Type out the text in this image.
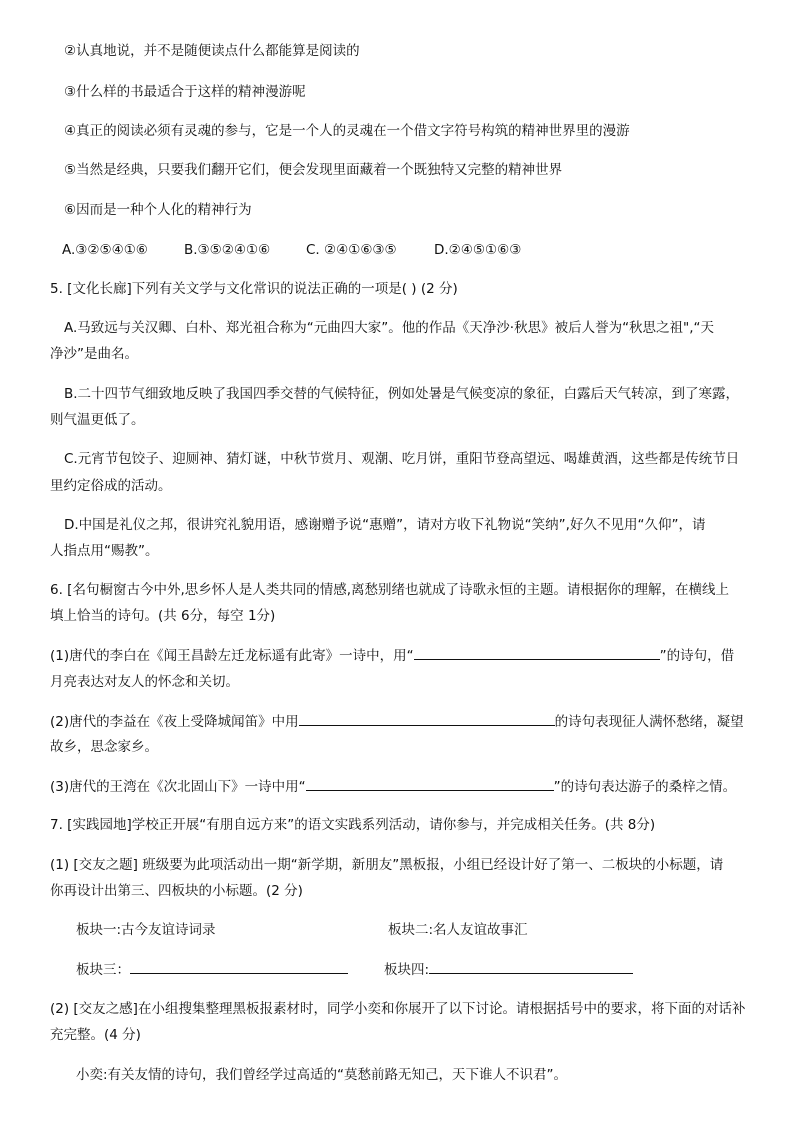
②认真地说，并不是随便读点什么都能算是阅读的
③什么样的书最适合于这样的精神漫游呢
④真正的阅读必须有灵魂的参与，它是一个人的灵魂在一个借文字符号构筑的精神世界里的漫游
⑤当然是经典，只要我们翻开它们，便会发现里面藏着一个既独特又完整的精神世界
⑥因而是一种个人化的精神行为
A.③②⑤④①⑥	B.③⑤②④①⑥	C. ②④①⑥③⑤	D.②④⑤①⑥③
5. [文化长廊]下列有关文学与文化常识的说法正确的一项是( ) (2 分)
A.马致远与关汉卿、白朴、郑光祖合称为“元曲四大家”。他的作品《天净沙·秋思》被后人誉为“秋思之祖",“天
净沙”是曲名。
B.二十四节气细致地反映了我国四季交替的气候特征，例如处暑是气候变凉的象征，白露后天气转凉，到了寒露，
则气温更低了。
C.元宵节包饺子、迎厕神、猜灯谜，中秋节赏月、观潮、吃月饼，重阳节登高望远、喝雄黄酒，这些都是传统节日
里约定俗成的活动。
D.中国是礼仪之邦，很讲究礼貌用语，感谢赠予说“惠赠”，请对方收下礼物说“笑纳”,好久不见用“久仰”，请
人指点用“赐教”。
6. [名句橱窗古今中外,思乡怀人是人类共同的情感,离愁别绪也就成了诗歌永恒的主题。请根据你的理解，在横线上
填上恰当的诗句。(共 6分，每空 1分)
(1)唐代的李白在《闻王昌龄左迁龙标遥有此寄》一诗中，用“	”的诗句，借
月亮表达对友人的怀念和关切。
(2)唐代的李益在《夜上受降城闻笛》中用	的诗句表现征人满怀愁绪，凝望
故乡，思念家乡。
(3)唐代的王湾在《次北固山下》一诗中用“	”的诗句表达游子的桑梓之情。
7. [实践园地]学校正开展“有朋自远方来”的语文实践系列活动，请你参与，并完成相关任务。(共 8分)
(1) [交友之题] 班级要为此项活动出一期“新学期，新朋友”黑板报，小组已经设计好了第一、二板块的小标题，请
你再设计出第三、四板块的小标题。(2 分)
板块一:古今友谊诗词录	板块二:名人友谊故事汇
板块三：	板块四:
(2) [交友之感]在小组搜集整理黑板报素材时，同学小奕和你展开了以下讨论。请根据括号中的要求，将下面的对话补
充完整。(4 分)
小奕:有关友情的诗句，我们曾经学过高适的“莫愁前路无知己，天下谁人不识君”。
